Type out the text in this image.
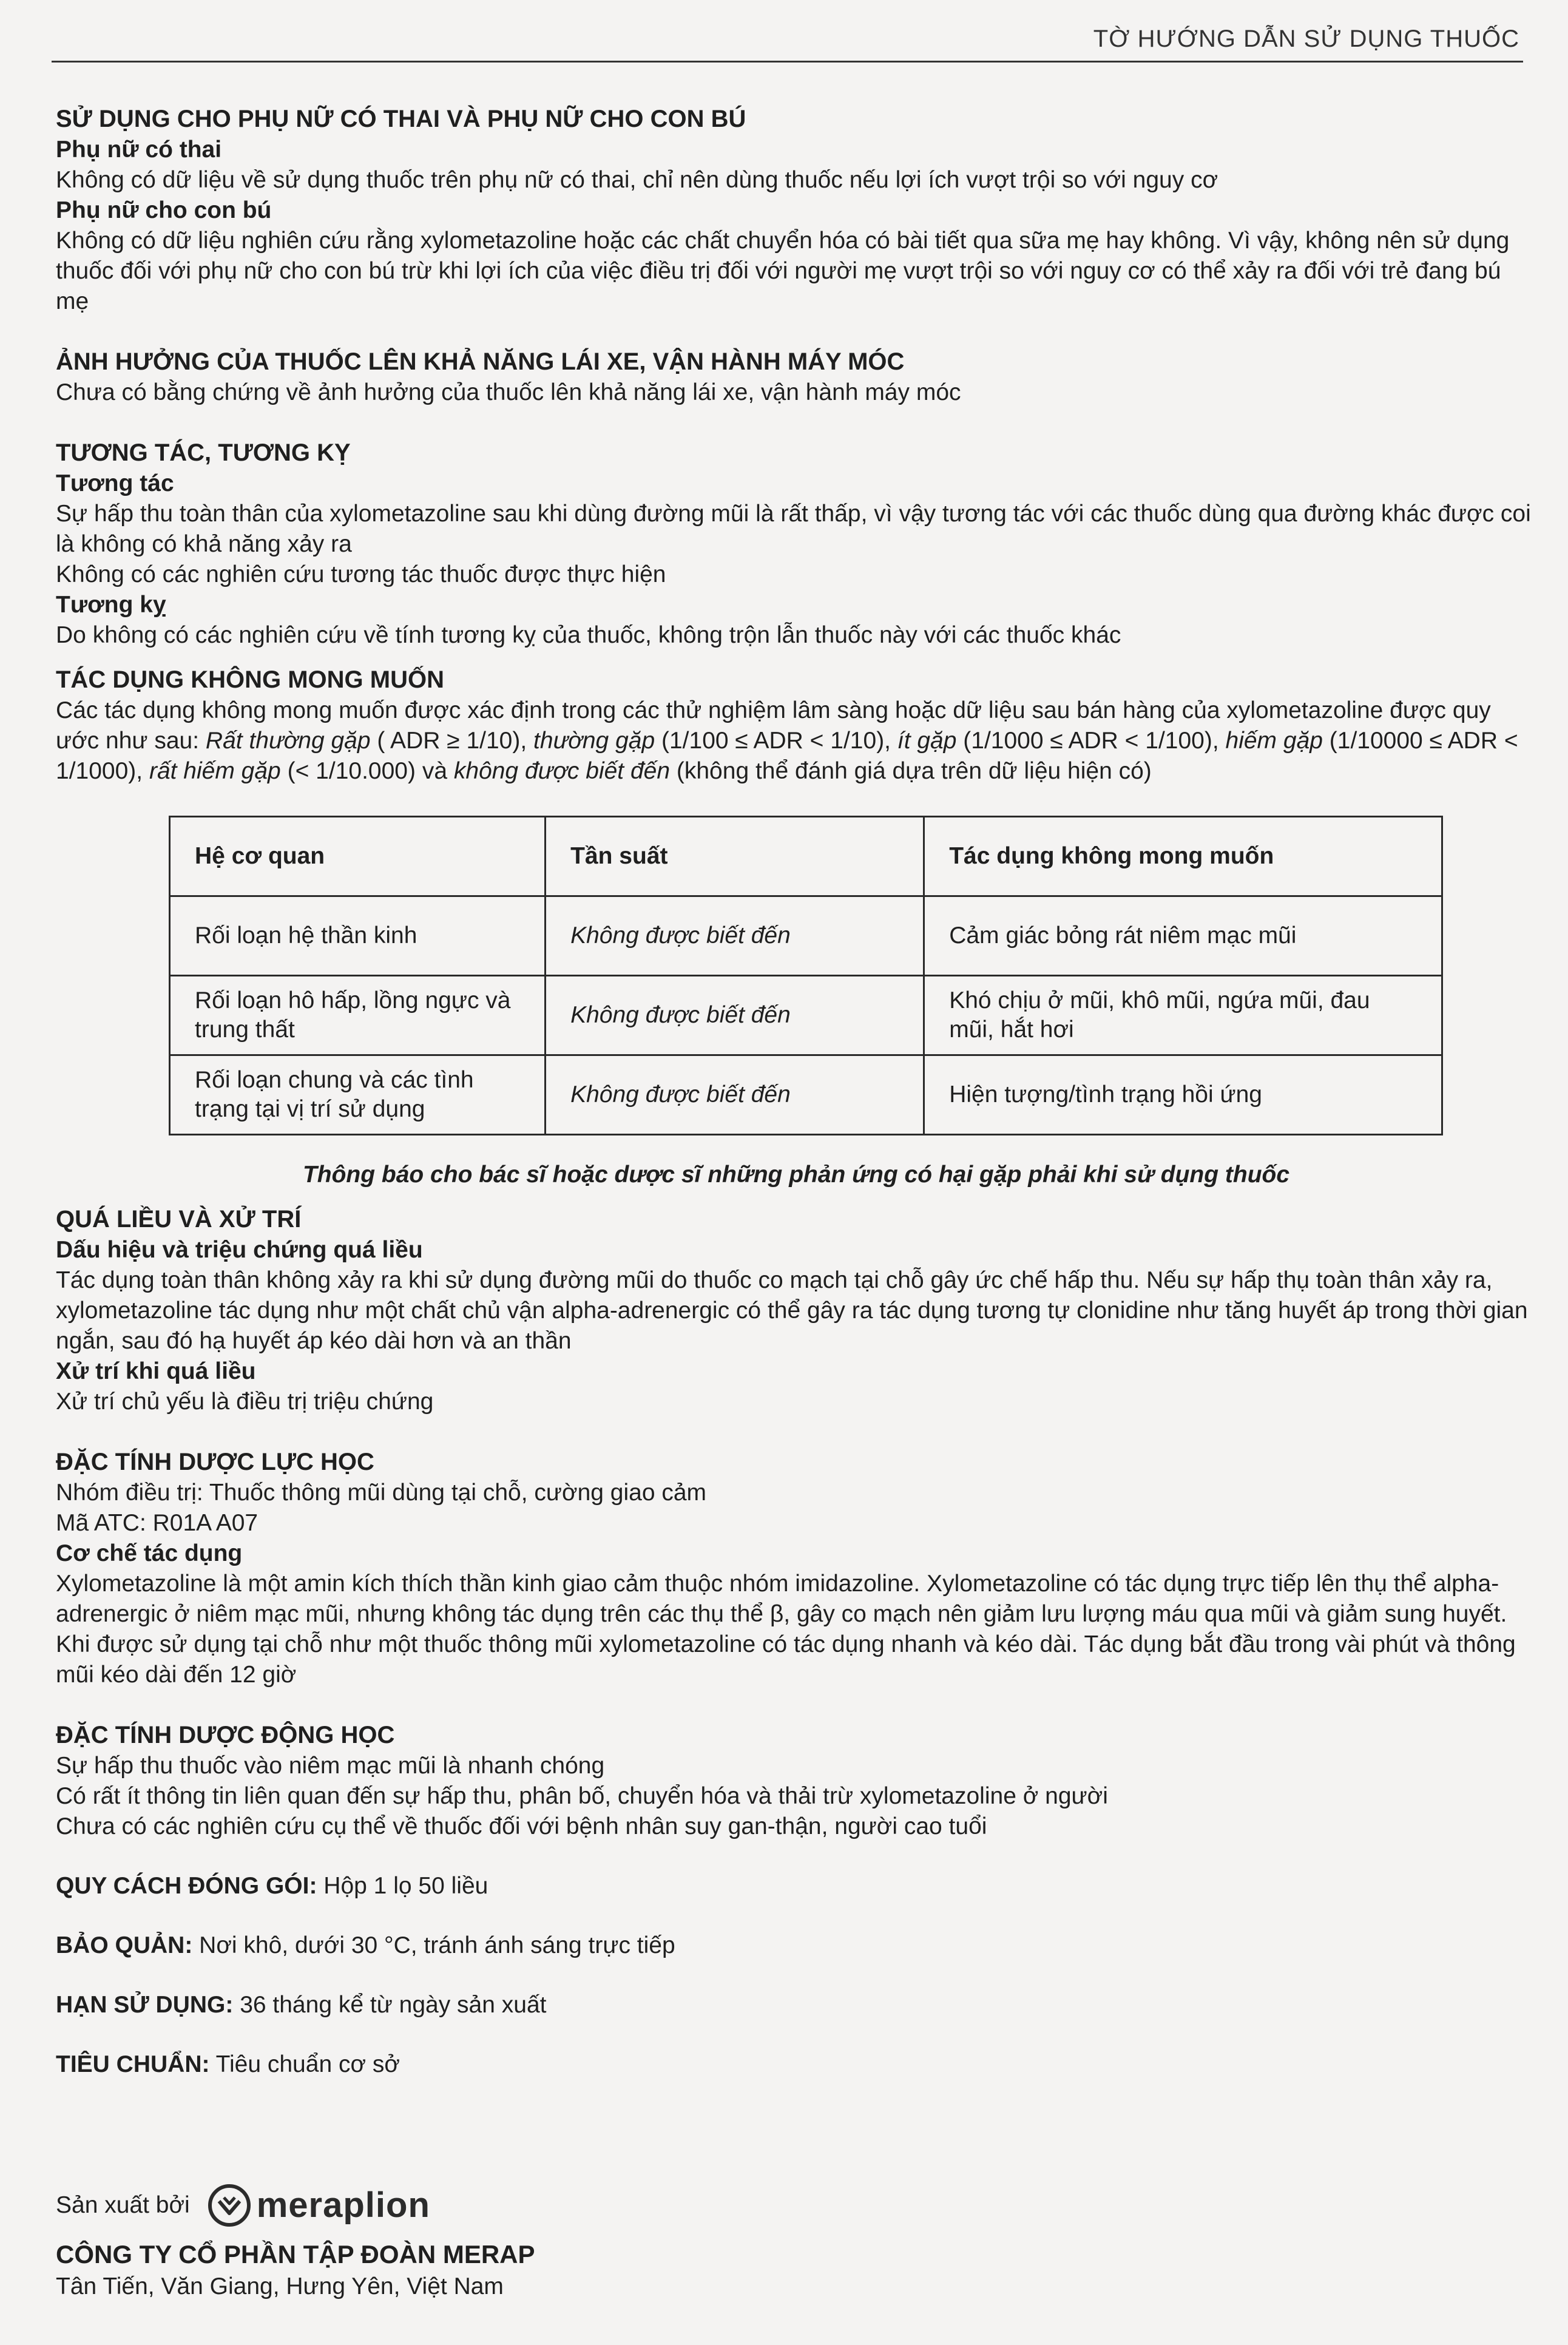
TỜ HƯỚNG DẪN SỬ DỤNG THUỐC
SỬ DỤNG CHO PHỤ NỮ CÓ THAI VÀ PHỤ NỮ CHO CON BÚ
Phụ nữ có thai

Không có dữ liệu về sử dụng thuốc trên phụ nữ có thai, chỉ nên dùng thuốc nếu lợi ích vượt trội so với nguy cơ

Phụ nữ cho con bú

Không có dữ liệu nghiên cứu rằng xylometazoline hoặc các chất chuyển hóa có bài tiết qua sữa mẹ hay không. Vì vậy, không nên sử dụng thuốc đối với phụ nữ cho con bú trừ khi lợi ích của việc điều trị đối với người mẹ vượt trội so với nguy cơ có thể xảy ra đối với trẻ đang bú mẹ

ẢNH HƯỞNG CỦA THUỐC LÊN KHẢ NĂNG LÁI XE, VẬN HÀNH MÁY MÓC

Chưa có bằng chứng về ảnh hưởng của thuốc lên khả năng lái xe, vận hành máy móc

TƯƠNG TÁC, TƯƠNG KỴ
Tương tác

Sự hấp thu toàn thân của xylometazoline sau khi dùng đường mũi là rất thấp, vì vậy tương tác với các thuốc dùng qua đường khác được coi là không có khả năng xảy ra

Không có các nghiên cứu tương tác thuốc được thực hiện

Tương kỵ

Do không có các nghiên cứu về tính tương kỵ của thuốc, không trộn lẫn thuốc này với các thuốc khác

TÁC DỤNG KHÔNG MONG MUỐN

Các tác dụng không mong muốn được xác định trong các thử nghiệm lâm sàng hoặc dữ liệu sau bán hàng của xylometazoline được quy ước như sau: Rất thường gặp ( ADR ≥ 1/10), thường gặp (1/100 ≤ ADR < 1/10), ít gặp (1/1000 ≤ ADR < 1/100), hiếm gặp (1/10000 ≤ ADR < 1/1000), rất hiếm gặp (< 1/10.000) và không được biết đến (không thể đánh giá dựa trên dữ liệu hiện có)

Hệ cơ quan	Tần suất	Tác dụng không mong muốn
Rối loạn hệ thần kinh	Không được biết đến	Cảm giác bỏng rát niêm mạc mũi
Rối loạn hô hấp, lồng ngực và trung thất	Không được biết đến	Khó chịu ở mũi, khô mũi, ngứa mũi, đau mũi, hắt hơi
Rối loạn chung và các tình trạng tại vị trí sử dụng	Không được biết đến	Hiện tượng/tình trạng hồi ứng
Thông báo cho bác sĩ hoặc dược sĩ những phản ứng có hại gặp phải khi sử dụng thuốc
QUÁ LIỀU VÀ XỬ TRÍ
Dấu hiệu và triệu chứng quá liều

Tác dụng toàn thân không xảy ra khi sử dụng đường mũi do thuốc co mạch tại chỗ gây ức chế hấp thu. Nếu sự hấp thụ toàn thân xảy ra, xylometazoline tác dụng như một chất chủ vận alpha-adrenergic có thể gây ra tác dụng tương tự clonidine như tăng huyết áp trong thời gian ngắn, sau đó hạ huyết áp kéo dài hơn và an thần

Xử trí khi quá liều

Xử trí chủ yếu là điều trị triệu chứng

ĐẶC TÍNH DƯỢC LỰC HỌC

Nhóm điều trị: Thuốc thông mũi dùng tại chỗ, cường giao cảm

Mã ATC: R01A A07

Cơ chế tác dụng

Xylometazoline là một amin kích thích thần kinh giao cảm thuộc nhóm imidazoline. Xylometazoline có tác dụng trực tiếp lên thụ thể alpha-adrenergic ở niêm mạc mũi, nhưng không tác dụng trên các thụ thể β, gây co mạch nên giảm lưu lượng máu qua mũi và giảm sung huyết. Khi được sử dụng tại chỗ như một thuốc thông mũi xylometazoline có tác dụng nhanh và kéo dài. Tác dụng bắt đầu trong vài phút và thông mũi kéo dài đến 12 giờ

ĐẶC TÍNH DƯỢC ĐỘNG HỌC

Sự hấp thu thuốc vào niêm mạc mũi là nhanh chóng

Có rất ít thông tin liên quan đến sự hấp thu, phân bố, chuyển hóa và thải trừ xylometazoline ở người

Chưa có các nghiên cứu cụ thể về thuốc đối với bệnh nhân suy gan-thận, người cao tuổi

QUY CÁCH ĐÓNG GÓI: Hộp 1 lọ 50 liều

BẢO QUẢN: Nơi khô, dưới 30 °C, tránh ánh sáng trực tiếp

HẠN SỬ DỤNG: 36 tháng kể từ ngày sản xuất

TIÊU CHUẨN: Tiêu chuẩn cơ sở

Sản xuất bởi meraplion
CÔNG TY CỔ PHẦN TẬP ĐOÀN MERAP

Tân Tiến, Văn Giang, Hưng Yên, Việt Nam
